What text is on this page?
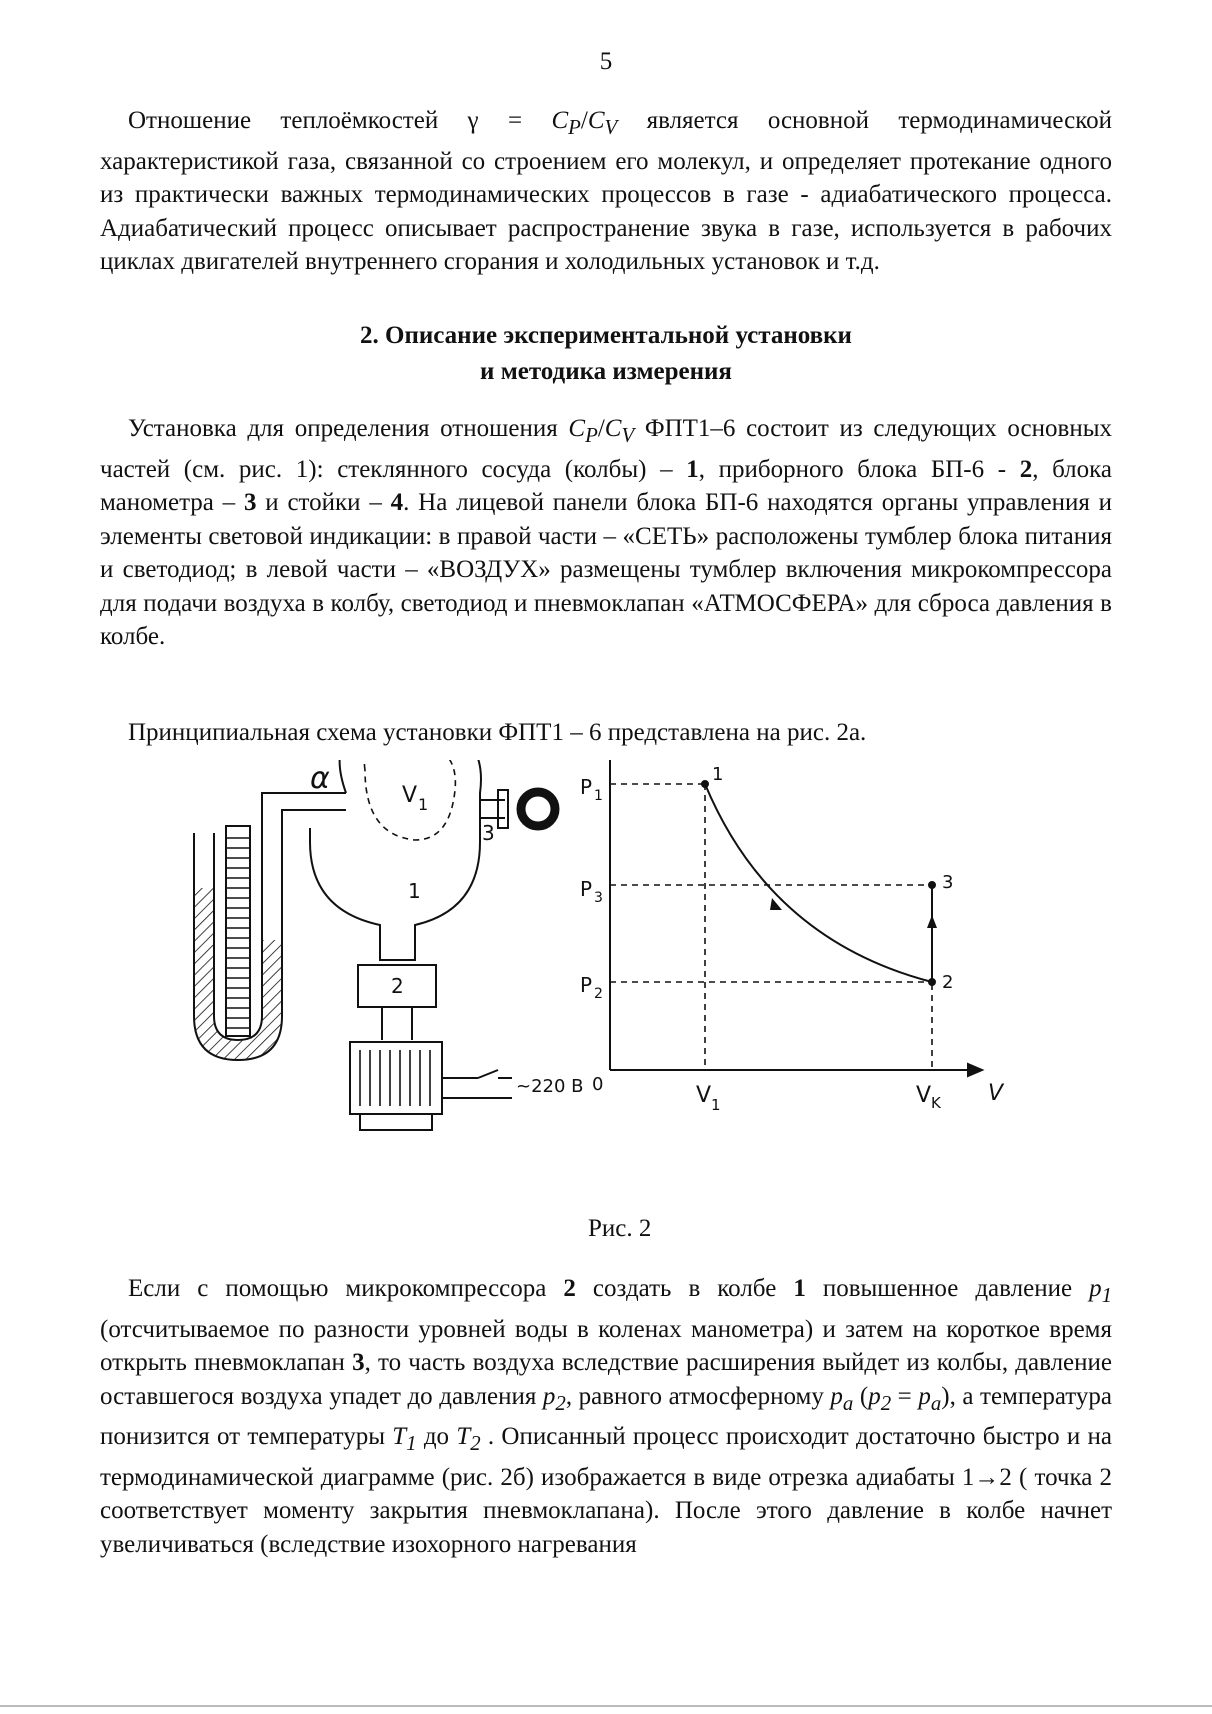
5

Отношение теплоёмкостей $\gamma = C_P/C_V$ является основной термодинамической характеристикой газа, связанной со строением его молекул, и определяет протекание одного из практически важных термодинамических процессов в газе - адиабатического процесса. Адиабатический процесс описывает распространение звука в газе, используется в рабочих циклах двигателей внутреннего сгорания и холодильных установок и т.д.

2. Описание экспериментальной установки
и методика измерения

Установка для определения отношения $C_P/C_V$ ФПТ1–6 состоит из следующих основных частей (см. рис. 1): стеклянного сосуда (колбы) – 1, приборного блока БП-6 - 2, блока манометра – 3 и стойки – 4. На лицевой панели блока БП-6 находятся органы управления и элементы световой индикации: в правой части – «СЕТЬ» расположены тумблер блока питания и светодиод; в левой части – «ВОЗДУХ» размещены тумблер включения микрокомпрессора для подачи воздуха в колбу, светодиод и пневмоклапан «АТМОСФЕРА» для сброса давления в колбе.

Принципиальная схема установки ФПТ1 – 6 представлена на рис. 2а.

α	V 1
1
2
3
~220 B	V
0
P 1
P 3
P 2
V 1	V K
1
3
2
Рис. 2

Если с помощью микрокомпрессора 2 создать в колбе 1 повышенное давление $p_1$ (отсчитываемое по разности уровней воды в коленах манометра) и затем на короткое время открыть пневмоклапан 3, то часть воздуха вследствие расширения выйдет из колбы, давление оставшегося воздуха упадет до давления $p_2$, равного атмосферному $p_a$ $(p_2 = p_a)$, а температура понизится от температуры $T_1$ до $T_2$ . Описанный процесс происходит достаточно быстро и на термодинамической диаграмме (рис. 2б) изображается в виде отрезка адиабаты 1→2 ( точка 2 соответствует моменту закрытия пневмоклапана). После этого давление в колбе начнет увеличиваться (вследствие изохорного нагревания
